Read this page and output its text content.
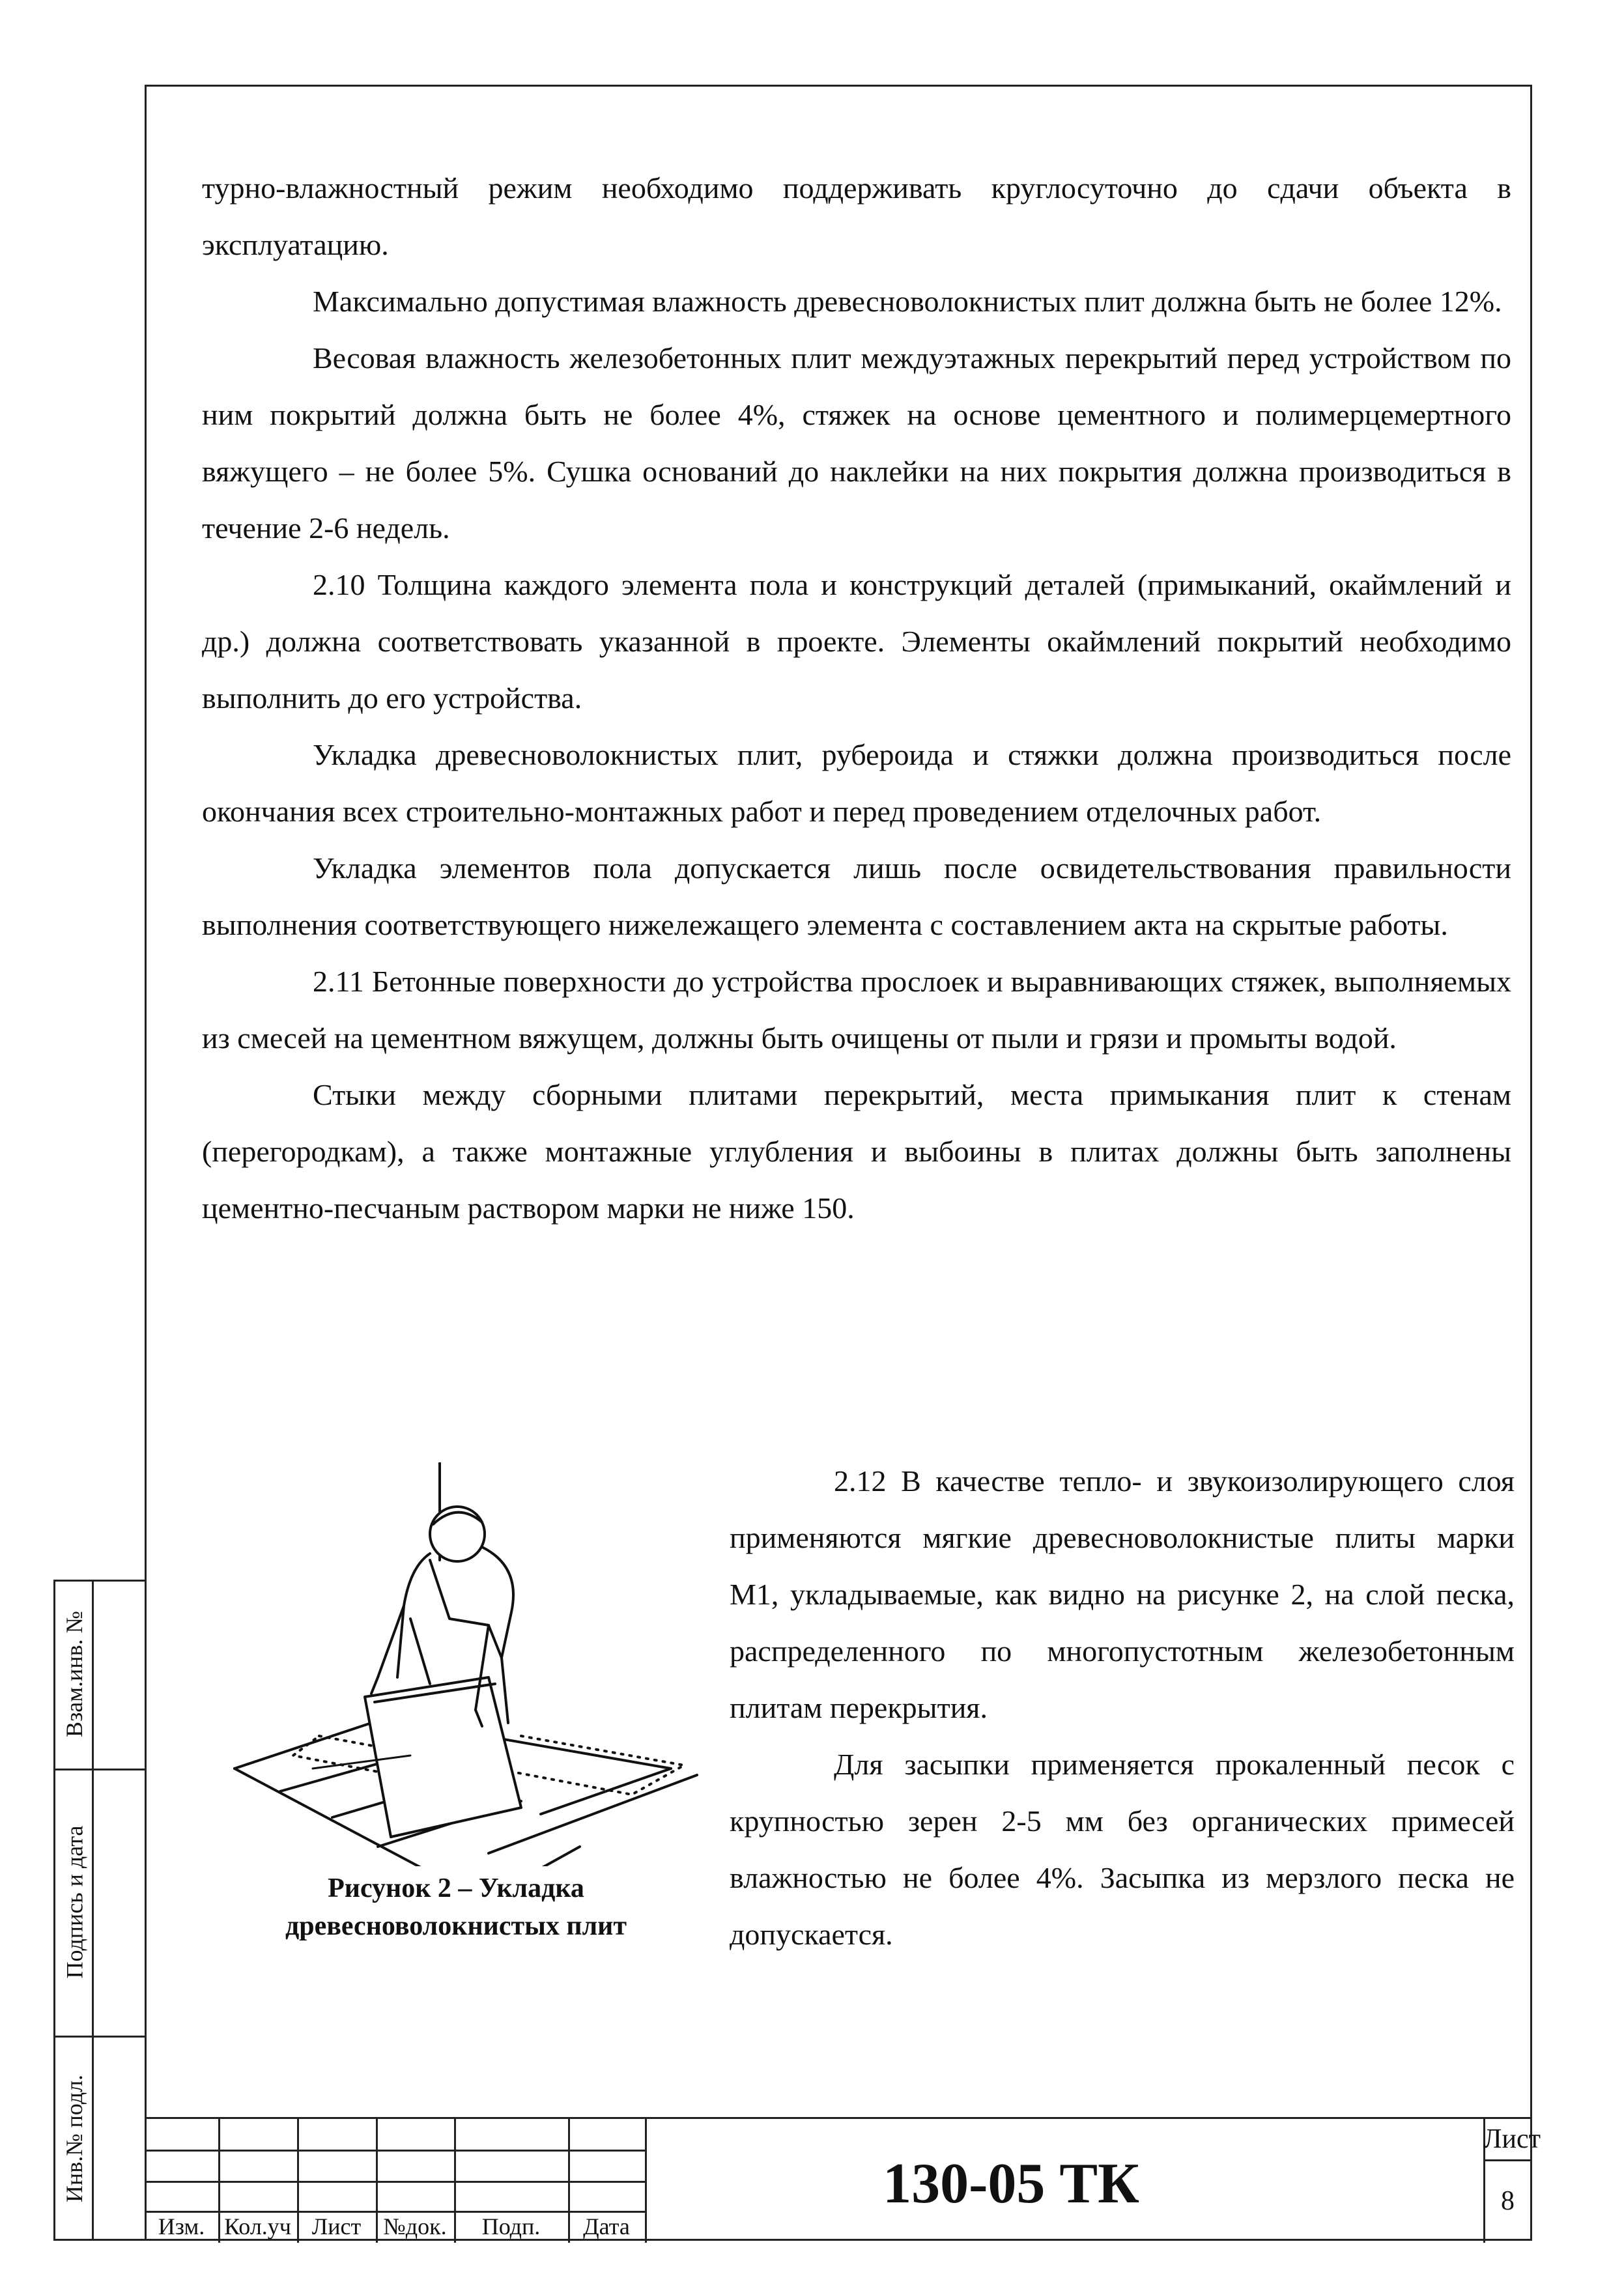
турно-влажностный режим необходимо поддерживать круглосуточно до сдачи объекта в эксплуатацию.

Максимально допустимая влажность древесноволокнистых плит должна быть не более 12%.

Весовая влажность железобетонных плит междуэтажных перекрытий перед устройством по ним покрытий должна быть не более 4%, стяжек на основе цементного и полимерцемертного вяжущего – не более 5%. Сушка оснований до наклейки на них покрытия должна производиться в течение 2-6 недель.

2.10 Толщина каждого элемента пола и конструкций деталей (примыканий, окаймлений и др.) должна соответствовать указанной в проекте. Элементы окаймлений покрытий необходимо выполнить до его устройства.

Укладка древесноволокнистых плит, рубероида и стяжки должна производиться после окончания всех строительно-монтажных работ и перед проведением отделочных работ.

Укладка элементов пола допускается лишь после освидетельствования правильности выполнения соответствующего нижележащего элемента с составлением акта на скрытые работы.

2.11 Бетонные поверхности до устройства прослоек и выравнивающих стяжек, выполняемых из смесей на цементном вяжущем, должны быть очищены от пыли и грязи и промыты водой.

Стыки между сборными плитами перекрытий, места примыкания плит к стенам (перегородкам), а также монтажные углубления и выбоины в плитах должны быть заполнены цементно-песчаным раствором марки не ниже 150.

Рисунок 2 – Укладка древесноволокнистых плит

2.12 В качестве тепло- и звукоизолирующего слоя применяются мягкие древесноволокнистые плиты марки М1, укладываемые, как видно на рисунке 2, на слой песка, распределенного по многопустотным железобетонным плитам перекрытия.

Для засыпки применяется прокаленный песок с крупностью зерен 2-5 мм без органических примесей влажностью не более 4%. Засыпка из мерзлого песка не допускается.

Взам.инв. №
Подпись и дата
Инв.№ подл.
Изм. Кол.уч Лист №док.	Подп.	Дата
130-05 ТК
Лист
8
